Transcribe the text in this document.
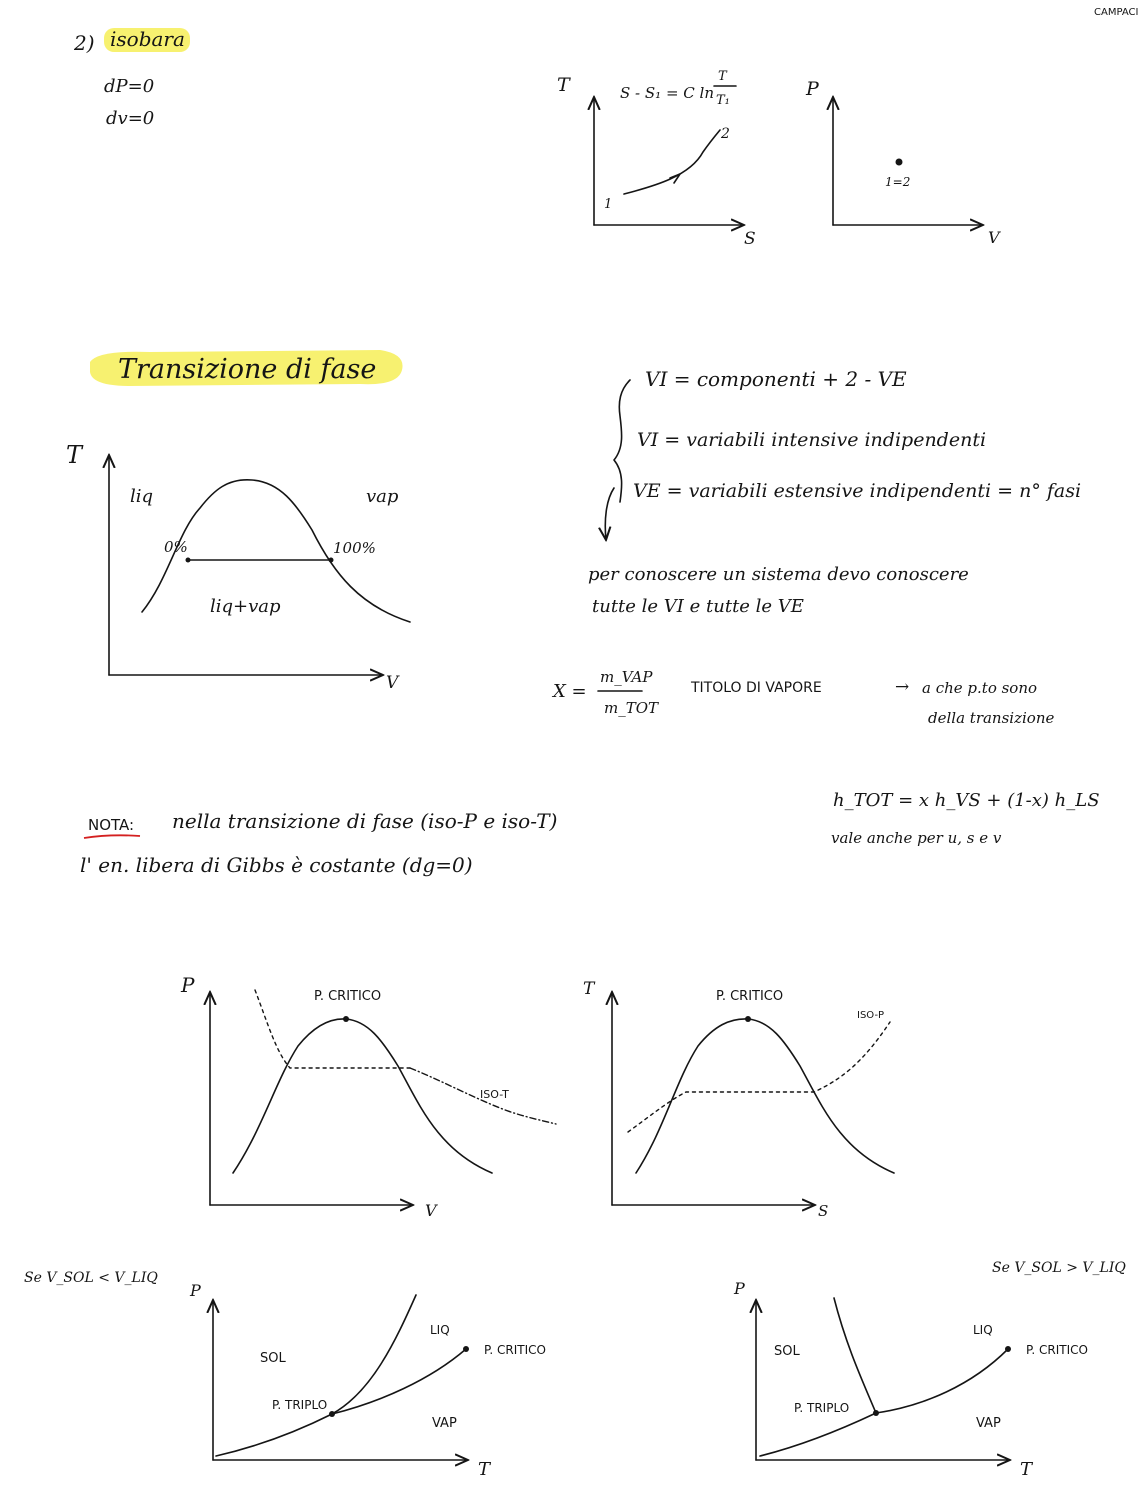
CAMPACI
2) isobara
dP=0
dv=0
T
S
S - S₁ = C ln
T
T₁
1
2
P
V
1=2
Transizione di fase
T
V
liq	vap
0%	100%
liq+vap
VI = componenti + 2 - VE
VI = variabili intensive indipendenti
VE = variabili estensive indipendenti = n° fasi
per conoscere un sistema devo conoscere
tutte le VI e tutte le VE
X =
m_VAP
m_TOT
TITOLO DI VAPORE	→ a che p.to sono
della transizione
h_TOT = x h_VS + (1-x) h_LS
vale anche per u, s e v
NOTA: nella transizione di fase (iso-P e iso-T)
l' en. libera di Gibbs è costante (dg=0)
P
V
P. CRITICO
ISO-T
T
S
P. CRITICO
ISO-P
Se V_SOL < V_LIQ
P
T
SOL
LIQ
VAP
P. TRIPLO
P. CRITICO
Se V_SOL > V_LIQ
P
T
SOL
LIQ
VAP
P. TRIPLO
P. CRITICO
